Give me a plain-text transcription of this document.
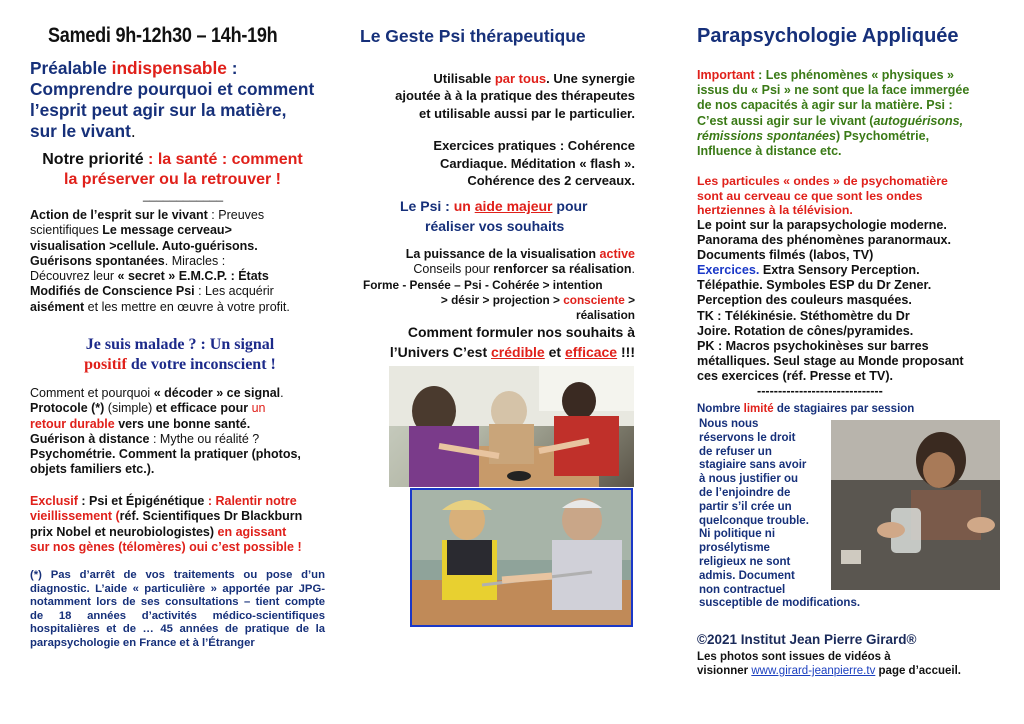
Samedi 9h-12h30 – 14h-19h

Préalable indispensable :

Comprendre pourquoi et comment

l’esprit peut agir sur la matière,

sur le vivant.

Notre priorité : la santé : comment

la préserver ou la retrouver !

____________

Action de l’esprit sur le vivant : Preuves

scientifiques Le message cerveau>

visualisation >cellule. Auto-guérisons.

Guérisons spontanées. Miracles :

Découvrez leur « secret » E.M.C.P. : États

Modifiés de Conscience Psi : Les acquérir

aisément et les mettre en œuvre à votre profit.

Je suis malade ? : Un signal

positif de votre inconscient !

Comment et pourquoi « décoder » ce signal.

Protocole (*) (simple) et efficace pour un

retour durable vers une bonne santé.

Guérison à distance : Mythe ou réalité ?

Psychométrie. Comment la pratiquer (photos,

objets familiers etc.).

Exclusif : Psi et Épigénétique : Ralentir notre

vieillissement (réf. Scientifiques Dr Blackburn

prix Nobel et neurobiologistes) en agissant

sur nos gènes (télomères) oui c’est possible !

(*) Pas d’arrêt de vos traitements ou pose d’un diagnostic. L’aide « particulière » apportée par JPG- notamment lors de ses consultations – tient compte de 18 années d’activités médico-scientifiques hospitalières et de … 45 années de pratique de la parapsychologie en France et à l’Étranger
Le Geste Psi thérapeutique

Utilisable par tous. Une synergie

ajoutée à à la pratique des thérapeutes

et utilisable aussi par le particulier.

Exercices pratiques : Cohérence

Cardiaque. Méditation « flash ».

Cohérence des 2 cerveaux.

Le Psi : un aide majeur pour

réaliser vos souhaits

La puissance de la visualisation active

Conseils pour renforcer sa réalisation.

Forme - Pensée – Psi - Cohérée > intention

> désir > projection > consciente >

réalisation

Comment formuler nos souhaits à

l’Univers C’est crédible et efficace !!!

Parapsychologie Appliquée

Important : Les phénomènes « physiques »

issus du « Psi » ne sont que la face immergée

de nos capacités à agir sur la matière. Psi :

C’est aussi agir sur le vivant (autoguérisons,

rémissions spontanées) Psychométrie,

Influence à distance etc.

Les particules « ondes » de psychomatière

sont au cerveau ce que sont les ondes

hertziennes à la télévision.

Le point sur la parapsychologie moderne.

Panorama des phénomènes paranormaux.

Documents filmés (labos, TV)

Exercices. Extra Sensory Perception.

Télépathie. Symboles ESP du Dr Zener.

Perception des couleurs masquées.

TK : Télékinésie. Stéthomètre du Dr

Joire. Rotation de cônes/pyramides.

PK : Macros psychokinèses sur barres

métalliques. Seul stage au Monde proposant

ces exercices (réf. Presse et TV).

------------------------------

Nombre limité de stagiaires par session

Nous nous

réservons le droit

de refuser un

stagiaire sans avoir

à nous justifier ou

de l’enjoindre de

partir s’il crée un

quelconque trouble.

Ni politique ni

prosélytisme

religieux ne sont

admis. Document

non contractuel

susceptible de modifications.

©2021 Institut Jean Pierre Girard®

Les photos sont issues de vidéos à

visionner www.girard-jeanpierre.tv page d’accueil.
